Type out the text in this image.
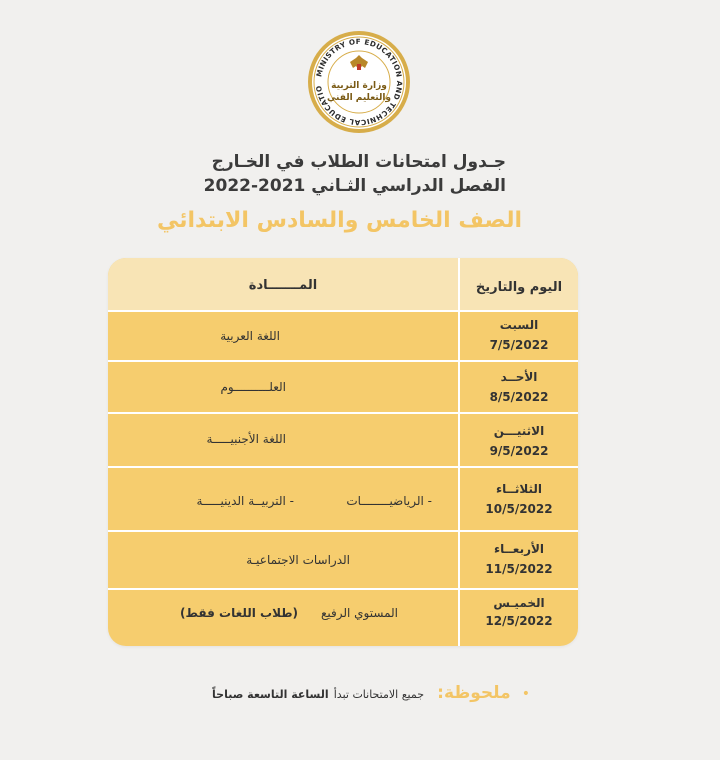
MINISTRY OF EDUCATION AND TECHNICAL EDUCATIO وزارة التربية
والتعليم الفني
جـدول امتحانات الطلاب في الخـارج
الفصل الدراسي الثـاني 2021-2022
الصف الخامس والسادس الابتدائي
المـــــــادة	اليوم والتاريخ
السبت
7/5/2022
اللغة العربية
الأحــد
8/5/2022
العلــــــــــوم
الاثنيـــن
9/5/2022
اللغة الأجنبيـــــة
الثلاثــاء
10/5/2022
- الرياضيــــــــات
- التربيــة الدينيـــــة
الأربعــاء
11/5/2022
الدراسات الاجتماعيـة
الخميـس
12/5/2022
المستوي الرفيع
(طلاب اللغات فقط)
• ملحوظة: جميع الامتحانات تبدأ الساعة التاسعة صباحاً
